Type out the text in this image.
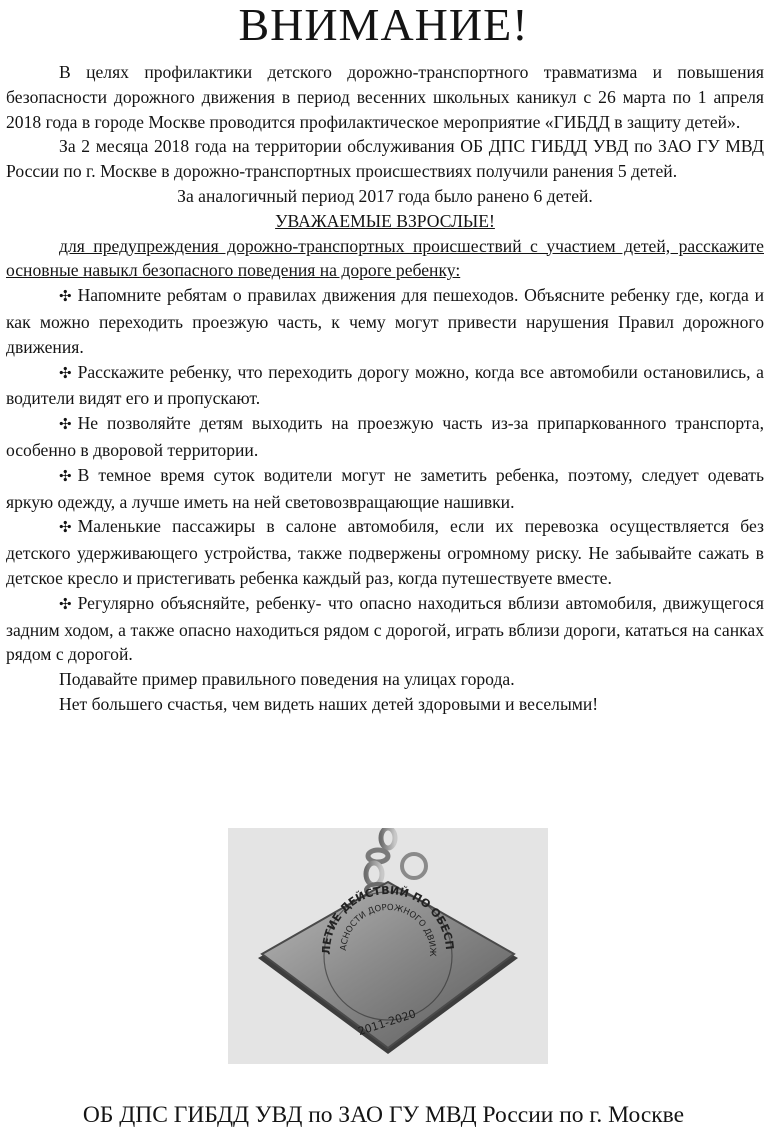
ВНИМАНИЕ!

В целях профилактики детского дорожно-транспортного травматизма и повышения безопасности дорожного движения в период весенних школьных каникул с 26 марта по 1 апреля 2018 года в городе Москве проводится профилактическое мероприятие «ГИБДД в защиту детей».

За 2 месяца 2018 года на территории обслуживания ОБ ДПС ГИБДД УВД по ЗАО ГУ МВД России по г. Москве в дорожно-транспортных происшествиях получили ранения 5 детей.

За аналогичный период 2017 года было ранено 6 детей.

УВАЖАЕМЫЕ ВЗРОСЛЫЕ!

для предупреждения дорожно-транспортных происшествий с участием детей, расскажите основные навыкл безопасного поведения на дороге ребенку:

✣ Напомните ребятам о правилах движения для пешеходов. Объясните ребенку где, когда и как можно переходить проезжую часть, к чему могут привести нарушения Правил дорожного движения.

✣ Расскажите ребенку, что переходить дорогу можно, когда все автомобили остановились, а водители видят его и пропускают.

✣ Не позволяйте детям выходить на проезжую часть из-за припаркованного транспорта, особенно в дворовой территории.

✣ В темное время суток водители могут не заметить ребенка, поэтому, следует одевать яркую одежду, а лучше иметь на ней световозвращающие нашивки.

✣ Маленькие пассажиры в салоне автомобиля, если их перевозка осуществляется без детского удерживающего устройства, также подвержены огромному риску. Не забывайте сажать в детское кресло и пристегивать ребенка каждый раз, когда путешествуете вместе.

✣ Регулярно объясняйте, ребенку- что опасно находиться вблизи автомобиля, движущегося задним ходом, а также опасно находиться рядом с дорогой, играть вблизи дороги, кататься на санках рядом с дорогой.

Подавайте пример правильного поведения на улицах города.

Нет большего счастья, чем видеть наших детей здоровыми и веселыми!

ЛЕТИЕ ДЕЙСТВИЙ ПО ОБЕСП
АСНОСТИ ДОРОЖНОГО ДВИЖ
2011-2020
ОБ ДПС ГИБДД УВД по ЗАО ГУ МВД России по г. Москве
